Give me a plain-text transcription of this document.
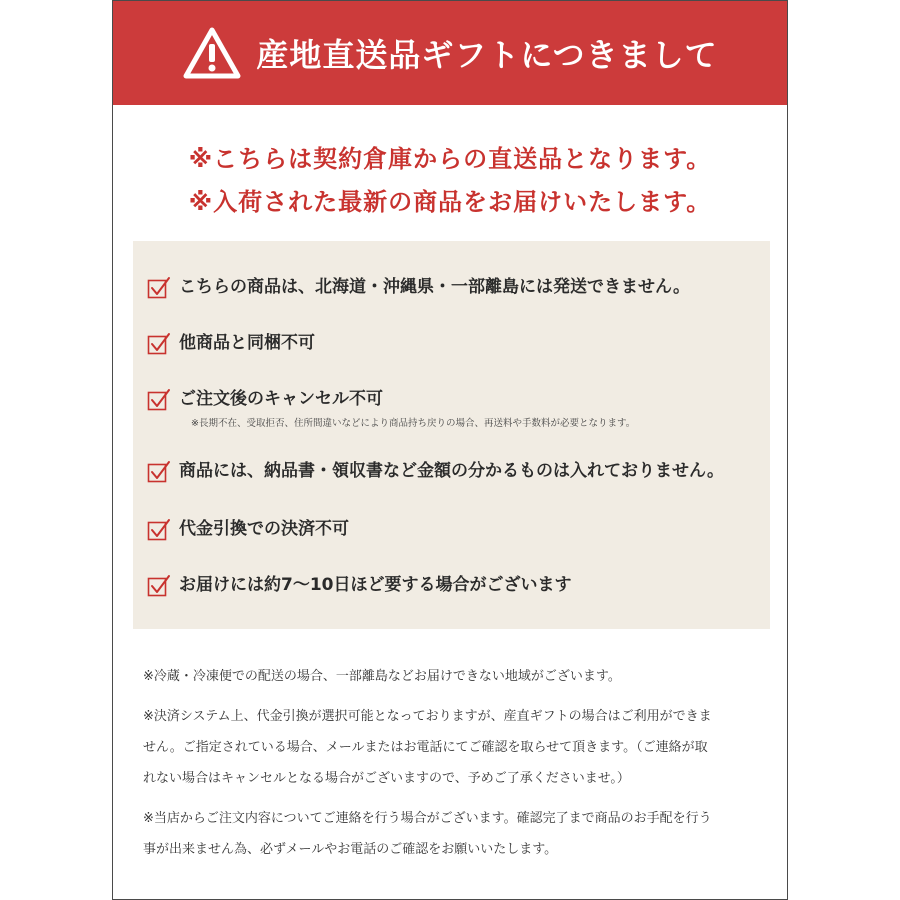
産地直送品ギフトにつきまして
※こちらは契約倉庫からの直送品となります。
※入荷された最新の商品をお届けいたします。
こちらの商品は、北海道・沖縄県・一部離島には発送できません。
他商品と同梱不可
ご注文後のキャンセル不可
※長期不在、受取拒否、住所間違いなどにより商品持ち戻りの場合、再送料や手数料が必要となります。
商品には、納品書・領収書など金額の分かるものは入れておりません。
代金引換での決済不可
お届けには約7〜10日ほど要する場合がございます
※冷蔵・冷凍便での配送の場合、一部離島などお届けできない地域がございます。
※決済システム上、代金引換が選択可能となっておりますが、産直ギフトの場合はご利用ができま
せん。ご指定されている場合、メールまたはお電話にてご確認を取らせて頂きます。（ご連絡が取
れない場合はキャンセルとなる場合がございますので、予めご了承くださいませ。）
※当店からご注文内容についてご連絡を行う場合がございます。確認完了まで商品のお手配を行う
事が出来ません為、必ずメールやお電話のご確認をお願いいたします。
